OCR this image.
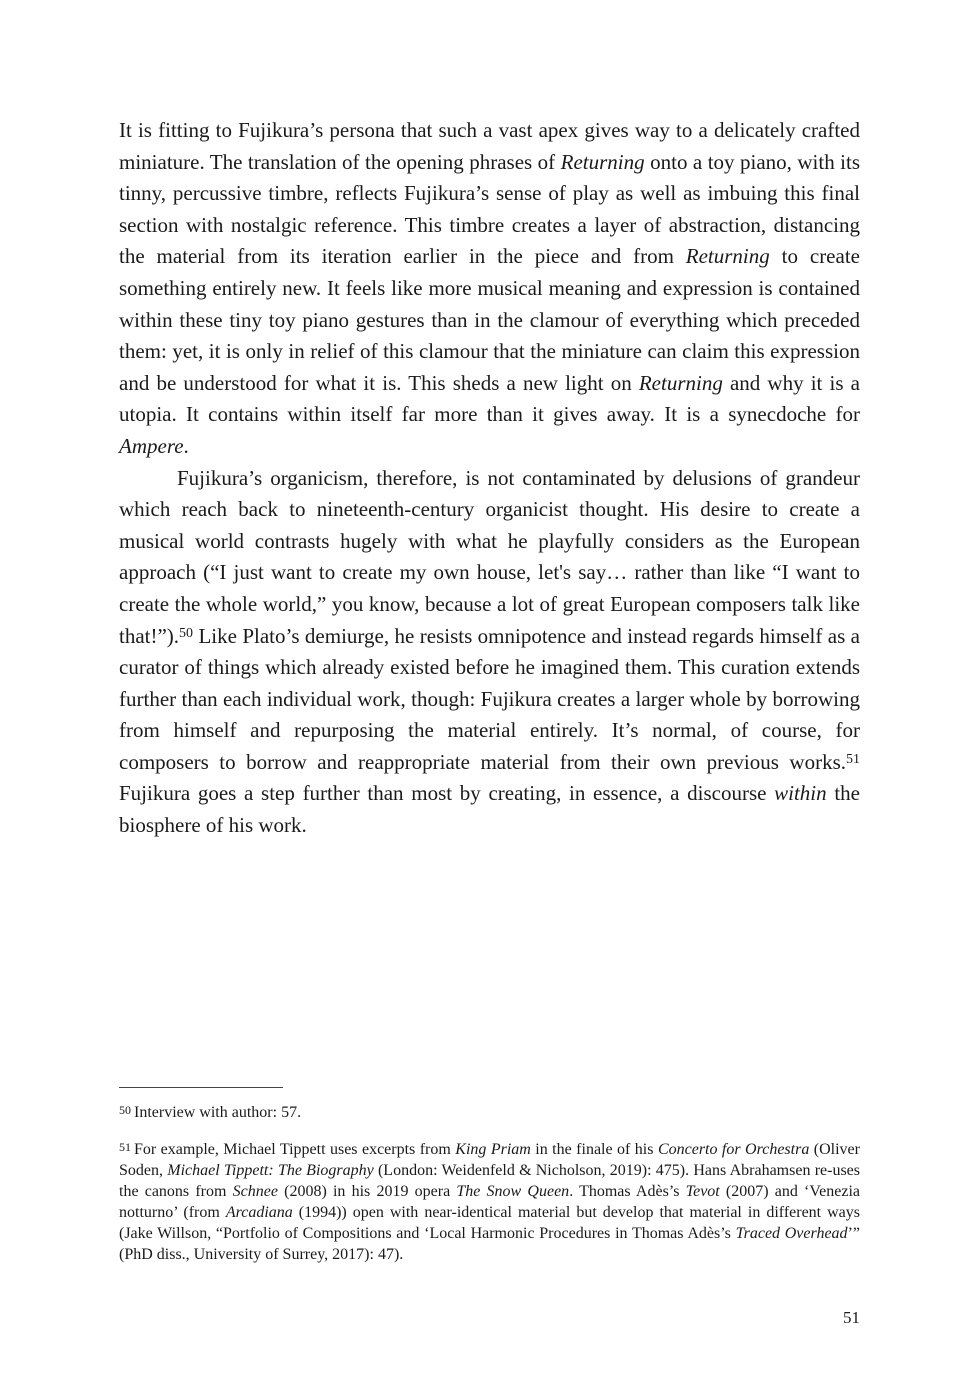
It is fitting to Fujikura’s persona that such a vast apex gives way to a delicately crafted miniature. The translation of the opening phrases of Returning onto a toy piano, with its tinny, percussive timbre, reflects Fujikura’s sense of play as well as imbuing this final section with nostalgic reference. This timbre creates a layer of abstraction, distancing the material from its iteration earlier in the piece and from Returning to create something entirely new. It feels like more musical meaning and expression is contained within these tiny toy piano gestures than in the clamour of everything which preceded them: yet, it is only in relief of this clamour that the miniature can claim this expression and be understood for what it is. This sheds a new light on Returning and why it is a utopia. It contains within itself far more than it gives away. It is a synecdoche for Ampere.

Fujikura’s organicism, therefore, is not contaminated by delusions of grandeur which reach back to nineteenth-century organicist thought. His desire to create a musical world contrasts hugely with what he playfully considers as the European approach (“I just want to create my own house, let's say… rather than like “I want to create the whole world,” you know, because a lot of great European composers talk like that!”).$^{50}$ Like Plato’s demiurge, he resists omnipotence and instead regards himself as a curator of things which already existed before he imagined them. This curation extends further than each individual work, though: Fujikura creates a larger whole by borrowing from himself and repurposing the material entirely. It’s normal, of course, for composers to borrow and reappropriate material from their own previous works.$^{51}$ Fujikura goes a step further than most by creating, in essence, a discourse within the biosphere of his work.

50 Interview with author: 57.

51 For example, Michael Tippett uses excerpts from King Priam in the finale of his Concerto for Orchestra (Oliver Soden, Michael Tippett: The Biography (London: Weidenfeld & Nicholson, 2019): 475). Hans Abrahamsen re-uses the canons from Schnee (2008) in his 2019 opera The Snow Queen. Thomas Adès’s Tevot (2007) and ‘Venezia notturno’ (from Arcadiana (1994)) open with near-identical material but develop that material in different ways (Jake Willson, “Portfolio of Compositions and ‘Local Harmonic Procedures in Thomas Adès’s Traced Overhead’” (PhD diss., University of Surrey, 2017): 47).

51
